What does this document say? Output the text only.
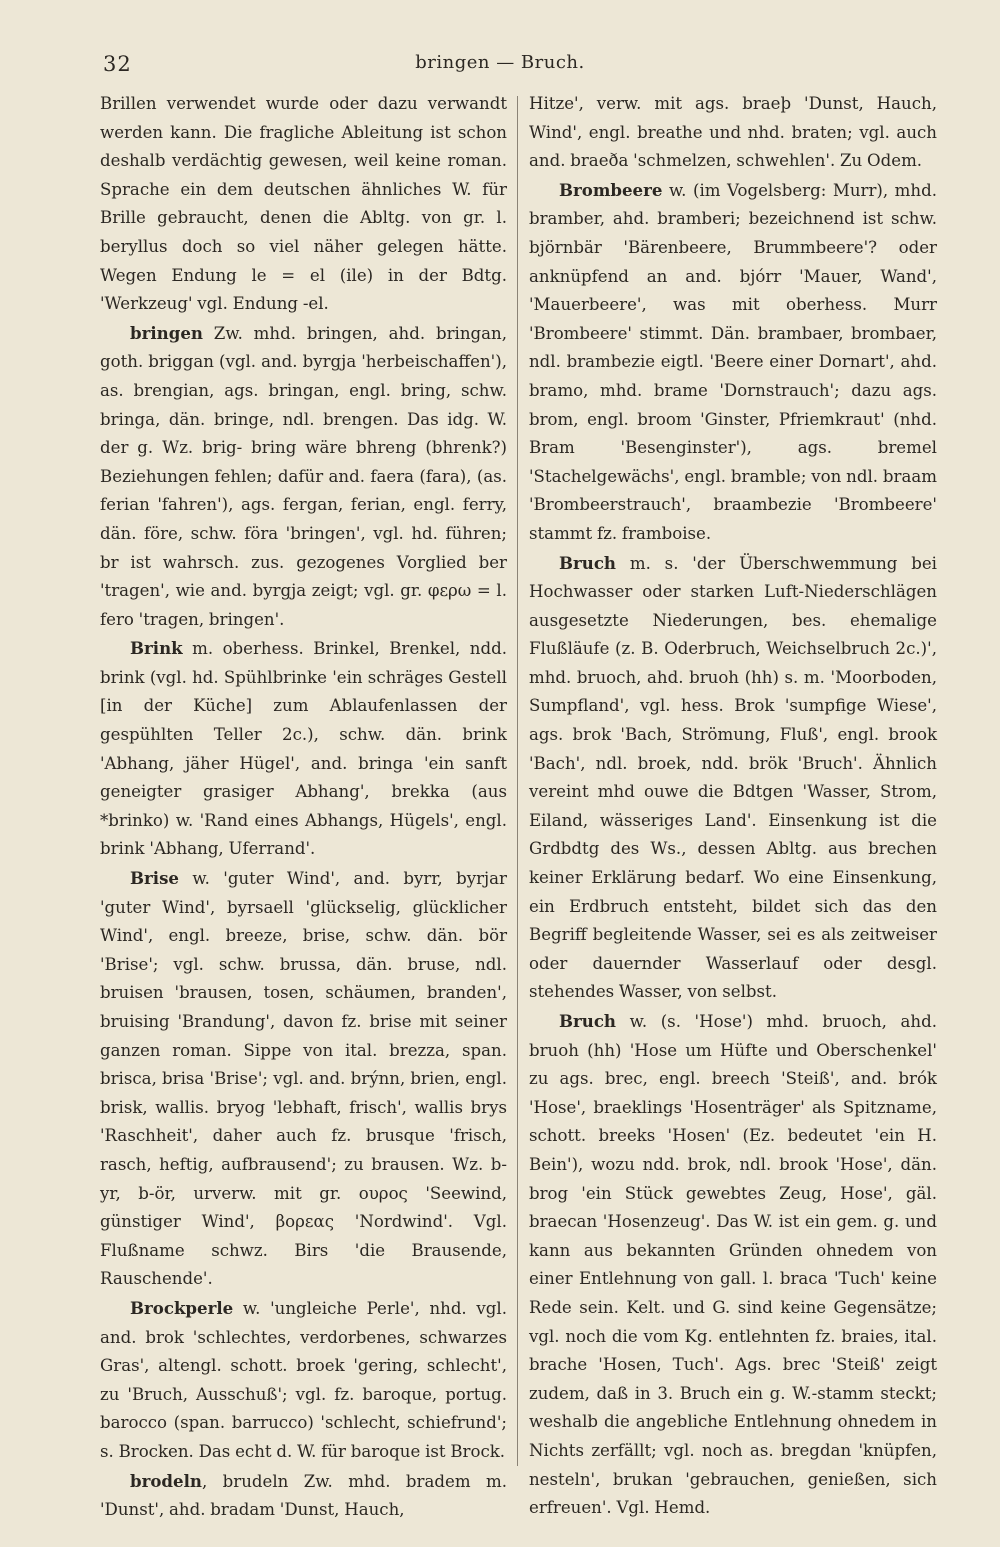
32	bringen — Bruch.

Brillen verwendet wurde oder dazu verwandt werden kann. Die fragliche Ableitung ist schon deshalb verdächtig gewesen, weil keine roman. Sprache ein dem deutschen ähnliches W. für Brille gebraucht, denen die Abltg. von gr. l. beryllus doch so viel näher gelegen hätte. Wegen Endung le = el (ile) in der Bdtg. 'Werkzeug' vgl. Endung -el.

bringen Zw. mhd. bringen, ahd. bringan, goth. briggan (vgl. and. byrgja 'herbeischaffen'), as. brengian, ags. bringan, engl. bring, schw. bringa, dän. bringe, ndl. brengen. Das idg. W. der g. Wz. brig- bring wäre bhreng (bhrenk?) Beziehungen fehlen; dafür and. faera (fara), (as. ferian 'fahren'), ags. fergan, ferian, engl. ferry, dän. före, schw. föra 'bringen', vgl. hd. führen; br ist wahrsch. zus. gezogenes Vorglied ber 'tragen', wie and. byrgja zeigt; vgl. gr. φερω = l. fero 'tragen, bringen'.

Brink m. oberhess. Brinkel, Brenkel, ndd. brink (vgl. hd. Spühlbrinke 'ein schräges Gestell [in der Küche] zum Ablaufenlassen der gespühlten Teller 2c.), schw. dän. brink 'Abhang, jäher Hügel', and. bringa 'ein sanft geneigter grasiger Abhang', brekka (aus *brinko) w. 'Rand eines Abhangs, Hügels', engl. brink 'Abhang, Uferrand'.

Brise w. 'guter Wind', and. byrr, byrjar 'guter Wind', byrsaell 'glückselig, glücklicher Wind', engl. breeze, brise, schw. dän. bör 'Brise'; vgl. schw. brussa, dän. bruse, ndl. bruisen 'brausen, tosen, schäumen, branden', bruising 'Brandung', davon fz. brise mit seiner ganzen roman. Sippe von ital. brezza, span. brisca, brisa 'Brise'; vgl. and. brýnn, brien, engl. brisk, wallis. bryog 'lebhaft, frisch', wallis brys 'Raschheit', daher auch fz. brusque 'frisch, rasch, heftig, aufbrausend'; zu brausen. Wz. b-yr, b-ör, urverw. mit gr. ουρος 'Seewind, günstiger Wind', βορεας 'Nordwind'. Vgl. Flußname schwz. Birs 'die Brausende, Rauschende'.

Brockperle w. 'ungleiche Perle', nhd. vgl. and. brok 'schlechtes, verdorbenes, schwarzes Gras', altengl. schott. broek 'gering, schlecht', zu 'Bruch, Ausschuß'; vgl. fz. baroque, portug. barocco (span. barrucco) 'schlecht, schiefrund'; s. Brocken. Das echt d. W. für baroque ist Brock.

brodeln, brudeln Zw. mhd. bradem m. 'Dunst', ahd. bradam 'Dunst, Hauch,

Hitze', verw. mit ags. braeþ 'Dunst, Hauch, Wind', engl. breathe und nhd. braten; vgl. auch and. braeða 'schmelzen, schwehlen'. Zu Odem.

Brombeere w. (im Vogelsberg: Murr), mhd. bramber, ahd. bramberi; bezeichnend ist schw. björnbär 'Bärenbeere, Brummbeere'? oder anknüpfend an and. bjórr 'Mauer, Wand', 'Mauerbeere', was mit oberhess. Murr 'Brombeere' stimmt. Dän. brambaer, brombaer, ndl. brambezie eigtl. 'Beere einer Dornart', ahd. bramo, mhd. brame 'Dornstrauch'; dazu ags. brom, engl. broom 'Ginster, Pfriemkraut' (nhd. Bram 'Besenginster'), ags. bremel 'Stachelgewächs', engl. bramble; von ndl. braam 'Brombeerstrauch', braambezie 'Brombeere' stammt fz. framboise.

Bruch m. s. 'der Überschwemmung bei Hochwasser oder starken Luft-Niederschlägen ausgesetzte Niederungen, bes. ehemalige Flußläufe (z. B. Oderbruch, Weichselbruch 2c.)', mhd. bruoch, ahd. bruoh (hh) s. m. 'Moorboden, Sumpfland', vgl. hess. Brok 'sumpfige Wiese', ags. brok 'Bach, Strömung, Fluß', engl. brook 'Bach', ndl. broek, ndd. brök 'Bruch'. Ähnlich vereint mhd ouwe die Bdtgen 'Wasser, Strom, Eiland, wässeriges Land'. Einsenkung ist die Grdbdtg des Ws., dessen Abltg. aus brechen keiner Erklärung bedarf. Wo eine Einsenkung, ein Erdbruch entsteht, bildet sich das den Begriff begleitende Wasser, sei es als zeitweiser oder dauernder Wasserlauf oder desgl. stehendes Wasser, von selbst.

Bruch w. (s. 'Hose') mhd. bruoch, ahd. bruoh (hh) 'Hose um Hüfte und Oberschenkel' zu ags. brec, engl. breech 'Steiß', and. brók 'Hose', braeklings 'Hosenträger' als Spitzname, schott. breeks 'Hosen' (Ez. bedeutet 'ein H. Bein'), wozu ndd. brok, ndl. brook 'Hose', dän. brog 'ein Stück gewebtes Zeug, Hose', gäl. braecan 'Hosenzeug'. Das W. ist ein gem. g. und kann aus bekannten Gründen ohnedem von einer Entlehnung von gall. l. braca 'Tuch' keine Rede sein. Kelt. und G. sind keine Gegensätze; vgl. noch die vom Kg. entlehnten fz. braies, ital. brache 'Hosen, Tuch'. Ags. brec 'Steiß' zeigt zudem, daß in 3. Bruch ein g. W.-stamm steckt; weshalb die angebliche Entlehnung ohnedem in Nichts zerfällt; vgl. noch as. bregdan 'knüpfen, nesteln', brukan 'gebrauchen, genießen, sich erfreuen'. Vgl. Hemd.
